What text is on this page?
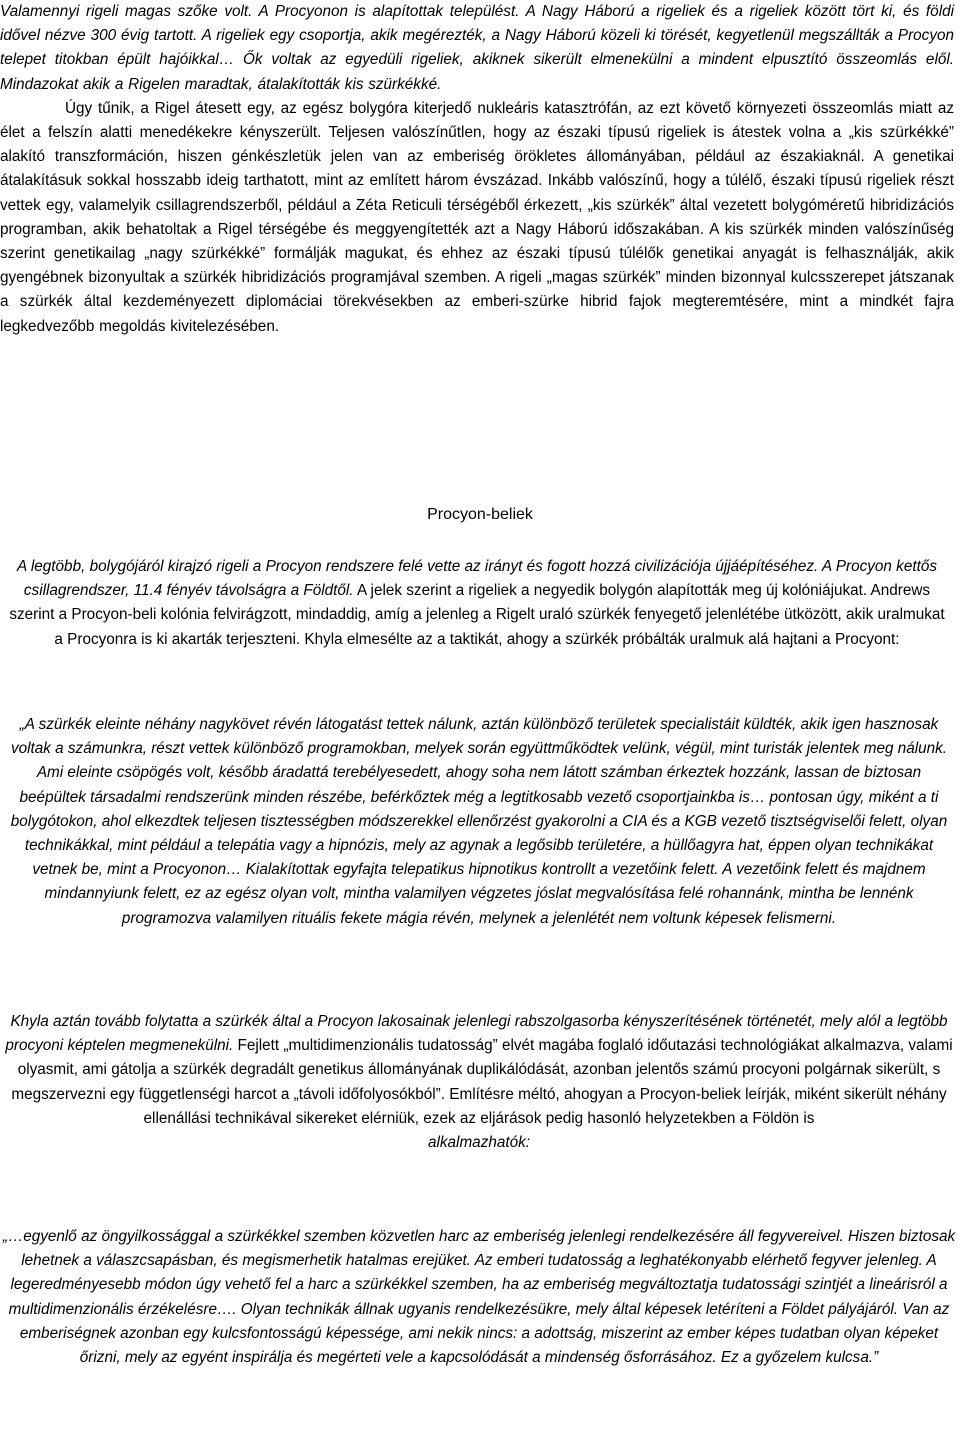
Valamennyi rigeli magas szőke volt. A Procyonon is alapítottak települést. A Nagy Háború a rigeliek és a rigeliek között tört ki, és földi idővel nézve 300 évig tartott. A rigeliek egy csoportja, akik megérezték, a Nagy Háború közeli ki törését, kegyetlenül megszállták a Procyon telepet titokban épült hajóikkal… Ők voltak az egyedüli rigeliek, akiknek sikerült elmenekülni a mindent elpusztító összeomlás elől. Mindazokat akik a Rigelen maradtak, átalakították kis szürkékké.

Úgy tűnik, a Rigel átesett egy, az egész bolygóra kiterjedő nukleáris katasztrófán, az ezt követő környezeti összeomlás miatt az élet a felszín alatti menedékekre kényszerült. Teljesen valószínűtlen, hogy az északi típusú rigeliek is átestek volna a „kis szürkékké” alakító transzformáción, hiszen génkészletük jelen van az emberiség örökletes állományában, például az északiaknál. A genetikai átalakításuk sokkal hosszabb ideig tarthatott, mint az említett három évszázad. Inkább valószínű, hogy a túlélő, északi típusú rigeliek részt vettek egy, valamelyik csillagrendszerből, például a Zéta Reticuli térségéből érkezett, „kis szürkék” által vezetett bolygóméretű hibridizációs programban, akik behatoltak a Rigel térségébe és meggyengítették azt a Nagy Háború időszakában. A kis szürkék minden valószínűség szerint genetikailag „nagy szürkékké” formálják magukat, és ehhez az északi típusú túlélők genetikai anyagát is felhasználják, akik gyengébnek bizonyultak a szürkék hibridizációs programjával szemben. A rigeli „magas szürkék” minden bizonnyal kulcsszerepet játszanak a szürkék által kezdeményezett diplomáciai törekvésekben az emberi-szürke hibrid fajok megteremtésére, mint a mindkét fajra legkedvezőbb megoldás kivitelezésében.

Procyon-beliek

A legtöbb, bolygójáról kirajzó rigeli a Procyon rendszere felé vette az irányt és fogott hozzá civilizációja újjáépítéséhez. A Procyon kettős csillagrendszer, 11.4 fényév távolságra a Földtől. A jelek szerint a rigeliek a negyedik bolygón alapították meg új kolóniájukat. Andrews szerint a Procyon-beli kolónia felvirágzott, mindaddig, amíg a jelenleg a Rigelt uraló szürkék fenyegető jelenlétébe ütközött, akik uralmukat a Procyonra is ki akarták terjeszteni. Khyla elmesélte az a taktikát, ahogy a szürkék próbálták uralmuk alá hajtani a Procyont:

„A szürkék eleinte néhány nagykövet révén látogatást tettek nálunk, aztán különböző területek specialistáit küldték, akik igen hasznosak voltak a számunkra, részt vettek különböző programokban, melyek során együttműködtek velünk, végül, mint turisták jelentek meg nálunk. Ami eleinte csöpögés volt, később áradattá terebélyesedett, ahogy soha nem látott számban érkeztek hozzánk, lassan de biztosan beépültek társadalmi rendszerünk minden részébe, beférkőztek még a legtitkosabb vezető csoportjainkba is… pontosan úgy, miként a ti bolygótokon, ahol elkezdtek teljesen tisztességben módszerekkel ellenőrzést gyakorolni a CIA és a KGB vezető tisztségviselői felett, olyan technikákkal, mint például a telepátia vagy a hipnózis, mely az agynak a legősibb területére, a hüllőagyra hat, éppen olyan technikákat vetnek be, mint a Procyonon… Kialakítottak egyfajta telepatikus hipnotikus kontrollt a vezetőink felett. A vezetőink felett és majdnem mindannyiunk felett, ez az egész olyan volt, mintha valamilyen végzetes jóslat megvalósítása felé rohannánk, mintha be lennénk programozva valamilyen rituális fekete mágia révén, melynek a jelenlétét nem voltunk képesek felismerni.

Khyla aztán tovább folytatta a szürkék által a Procyon lakosainak jelenlegi rabszolgasorba kényszerítésének történetét, mely alól a legtöbb procyoni képtelen megmenekülni. Fejlett „multidimenzionális tudatosság” elvét magába foglaló időutazási technológiákat alkalmazva, valami olyasmit, ami gátolja a szürkék degradált genetikus állományának duplikálódását, azonban jelentős számú procyoni polgárnak sikerült, s megszervezni egy függetlenségi harcot a „távoli időfolyosókból”. Említésre méltó, ahogyan a Procyon-beliek leírják, miként sikerült néhány ellenállási technikával sikereket elérniük, ezek az eljárások pedig hasonló helyzetekben a Földön is

alkalmazhatók:

„…egyenlő az öngyilkossággal a szürkékkel szemben közvetlen harc az emberiség jelenlegi rendelkezésére áll fegyvereivel. Hiszen biztosak lehetnek a válaszcsapásban, és megismerhetik hatalmas erejüket. Az emberi tudatosság a leghatékonyabb elérhető fegyver jelenleg. A legeredményesebb módon úgy vehető fel a harc a szürkékkel szemben, ha az emberiség megváltoztatja tudatossági szintjét a lineárisról a multidimenzionális érzékelésre…. Olyan technikák állnak ugyanis rendelkezésükre, mely által képesek letéríteni a Földet pályájáról. Van az emberiségnek azonban egy kulcsfontosságú képessége, ami nekik nincs: a adottság, miszerint az ember képes tudatban olyan képeket őrizni, mely az egyént inspirálja és megérteti vele a kapcsolódását a mindenség ősforrásához. Ez a győzelem kulcsa.”
